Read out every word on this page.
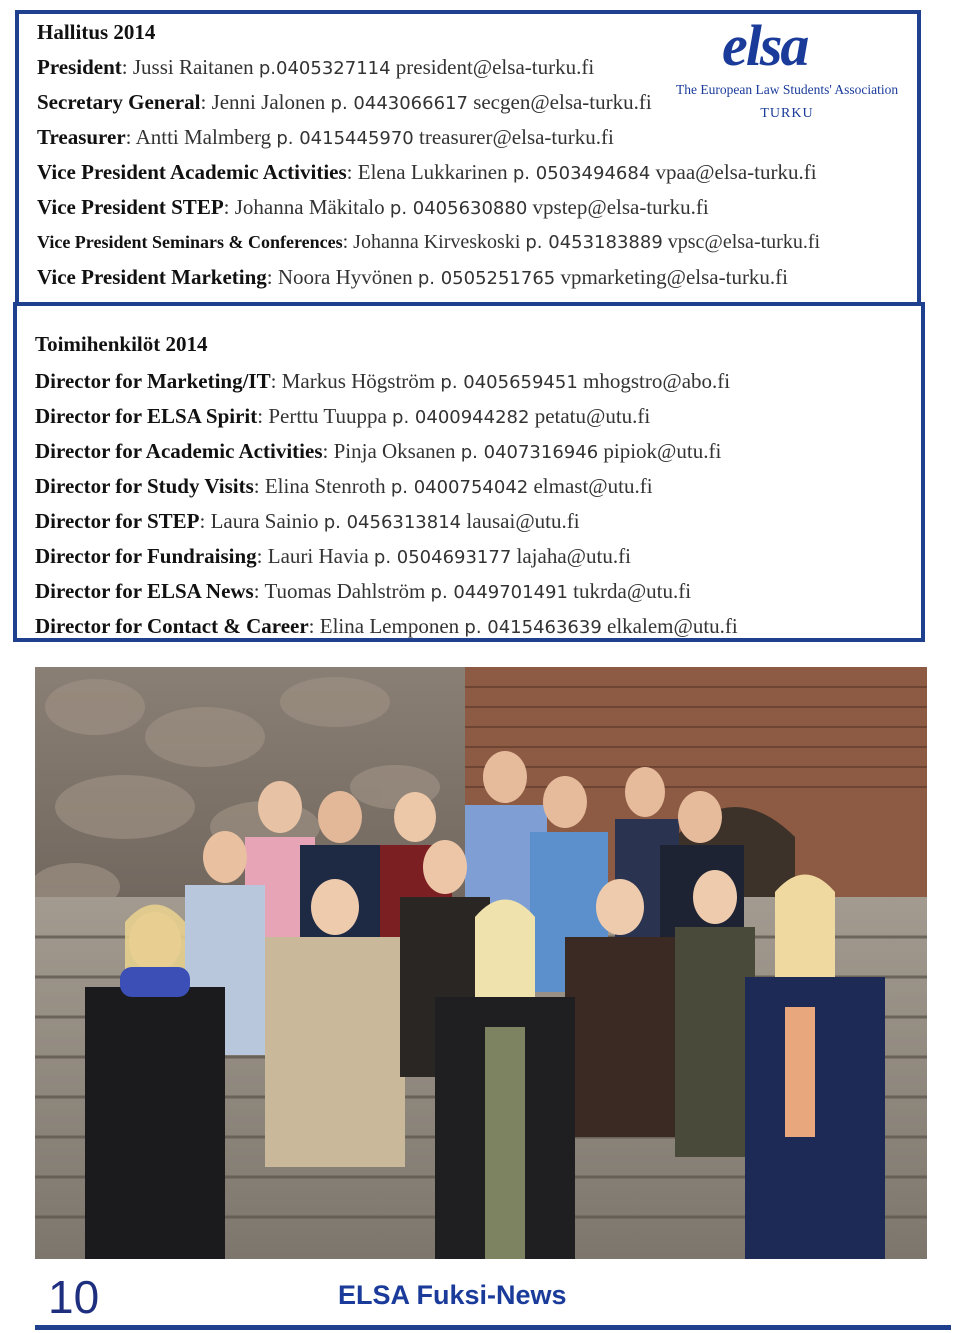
Hallitus 2014
President: Jussi Raitanen p.0405327114 president@elsa-turku.fi
Secretary General: Jenni Jalonen p. 0443066617 secgen@elsa-turku.fi
Treasurer: Antti Malmberg p. 0415445970 treasurer@elsa-turku.fi
Vice President Academic Activities: Elena Lukkarinen p. 0503494684 vpaa@elsa-turku.fi
Vice President STEP: Johanna Mäkitalo p. 0405630880 vpstep@elsa-turku.fi
Vice President Seminars & Conferences: Johanna Kirveskoski p. 0453183889 vpsc@elsa-turku.fi
Vice President Marketing: Noora Hyvönen p. 0505251765 vpmarketing@elsa-turku.fi
elsa
The European Law Students' Association
TURKU
Toimihenkilöt 2014
Director for Marketing/IT: Markus Högström p. 0405659451 mhogstro@abo.fi
Director for ELSA Spirit: Perttu Tuuppa p. 0400944282 petatu@utu.fi
Director for Academic Activities: Pinja Oksanen p. 0407316946 pipiok@utu.fi
Director for Study Visits: Elina Stenroth p. 0400754042 elmast@utu.fi
Director for STEP: Laura Sainio p. 0456313814 lausai@utu.fi
Director for Fundraising: Lauri Havia p. 0504693177 lajaha@utu.fi
Director for ELSA News: Tuomas Dahlström p. 0449701491 tukrda@utu.fi
Director for Contact & Career: Elina Lemponen p. 0415463639 elkalem@utu.fi
10	ELSA Fuksi-News
